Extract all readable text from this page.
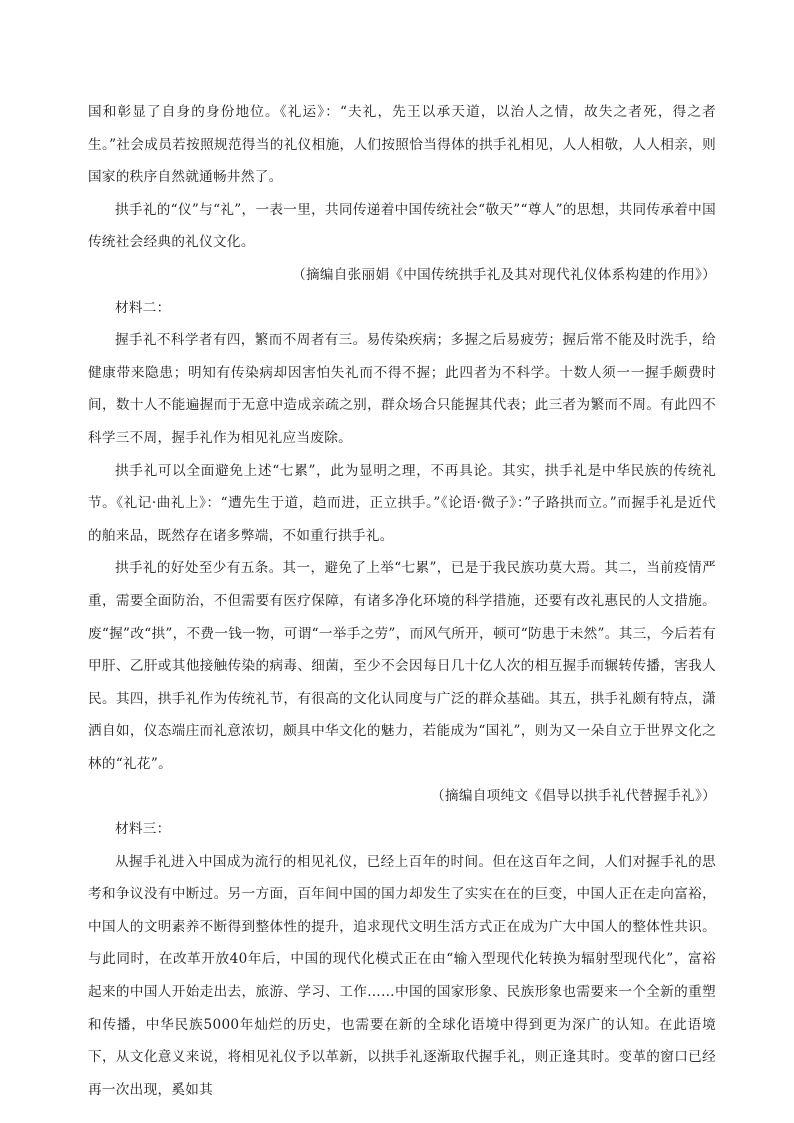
国和彰显了自身的身份地位。《礼运》：“夫礼，先王以承天道，以治人之情，故失之者死，得之者生。”社会成员若按照规范得当的礼仪相施，人们按照恰当得体的拱手礼相见，人人相敬，人人相亲，则国家的秩序自然就通畅井然了。

拱手礼的“仪”与“礼”，一表一里，共同传递着中国传统社会“敬天”“尊人”的思想，共同传承着中国传统社会经典的礼仪文化。

（摘编自张丽娟《中国传统拱手礼及其对现代礼仪体系构建的作用》）

材料二：

握手礼不科学者有四，繁而不周者有三。易传染疾病；多握之后易疲劳；握后常不能及时洗手，给健康带来隐患；明知有传染病却因害怕失礼而不得不握；此四者为不科学。十数人须一一握手颇费时间，数十人不能遍握而于无意中造成亲疏之别，群众场合只能握其代表；此三者为繁而不周。有此四不科学三不周，握手礼作为相见礼应当废除。

拱手礼可以全面避免上述“七累”，此为显明之理，不再具论。其实，拱手礼是中华民族的传统礼节。《礼记·曲礼上》：“遭先生于道，趋而进，正立拱手。”《论语·微子》：”子路拱而立。”而握手礼是近代的舶来品，既然存在诸多弊端，不如重行拱手礼。

拱手礼的好处至少有五条。其一，避免了上举“七累”，已是于我民族功莫大焉。其二，当前疫情严重，需要全面防治，不但需要有医疗保障，有诸多净化环境的科学措施，还要有改礼惠民的人文措施。废“握”改“拱”，不费一钱一物，可谓“一举手之劳”，而风气所开，顿可“防患于未然”。其三，今后若有甲肝、乙肝或其他接触传染的病毒、细菌，至少不会因每日几十亿人次的相互握手而辗转传播，害我人民。其四，拱手礼作为传统礼节，有很高的文化认同度与广泛的群众基础。其五，拱手礼颇有特点，潇洒自如，仪态端庄而礼意浓切，颇具中华文化的魅力，若能成为“国礼”，则为又一朵自立于世界文化之林的“礼花”。

（摘编自项纯文《倡导以拱手礼代替握手礼》）

材料三：

从握手礼进入中国成为流行的相见礼仪，已经上百年的时间。但在这百年之间，人们对握手礼的思考和争议没有中断过。另一方面，百年间中国的国力却发生了实实在在的巨变，中国人正在走向富裕，中国人的文明素养不断得到整体性的提升，追求现代文明生活方式正在成为广大中国人的整体性共识。与此同时，在改革开放40年后，中国的现代化模式正在由“输入型现代化转换为辐射型现代化”，富裕起来的中国人开始走出去，旅游、学习、工作……中国的国家形象、民族形象也需要来一个全新的重塑和传播，中华民族5000年灿烂的历史，也需要在新的全球化语境中得到更为深广的认知。在此语境下，从文化意义来说，将相见礼仪予以革新，以拱手礼逐渐取代握手礼，则正逢其时。变革的窗口已经再一次出现，奚如其
